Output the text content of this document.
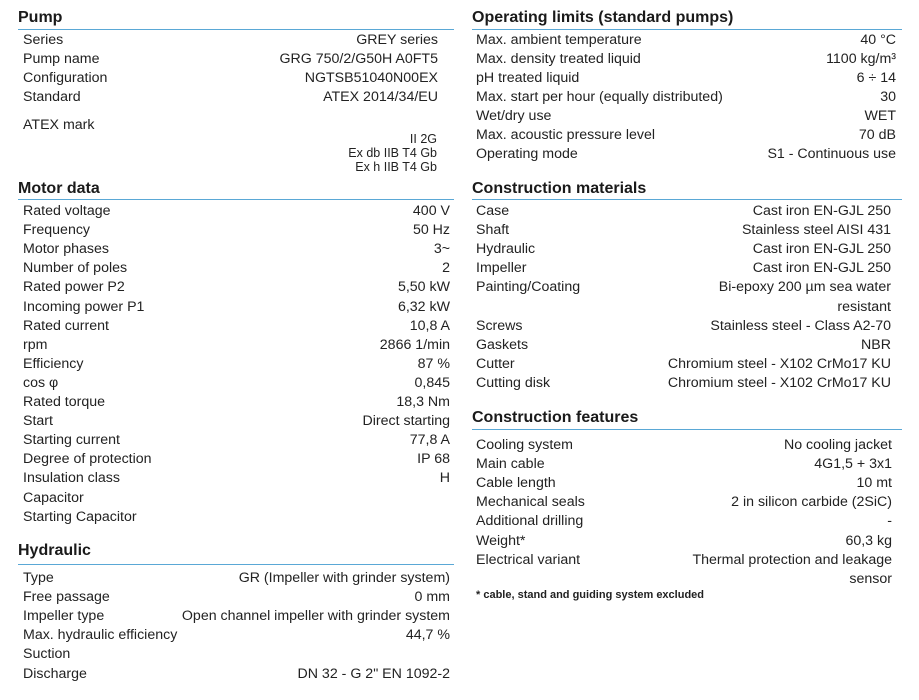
Pump
Series	GREY series
Pump name	GRG 750/2/G50H A0FT5
Configuration	NGTSB51040N00EX
Standard	ATEX 2014/34/EU
ATEX mark
II 2G
Ex db IIB T4 Gb
Ex h IIB T4 Gb
Motor data
Rated voltage	400 V
Frequency	50 Hz
Motor phases	3~
Number of poles	2
Rated power P2	5,50 kW
Incoming power P1	6,32 kW
Rated current	10,8 A
rpm	2866 1/min
Efficiency	87 %
cos φ	0,845
Rated torque	18,3 Nm
Start	Direct starting
Starting current	77,8 A
Degree of protection	IP 68
Insulation class	H
Capacitor
Starting Capacitor
Hydraulic
Type	GR (Impeller with grinder system)
Free passage	0 mm
Impeller type	Open channel impeller with grinder system
Max. hydraulic efficiency	44,7 %
Suction
Discharge	DN 32 - G 2" EN 1092-2
Operating limits (standard pumps)
Max. ambient temperature	40 °C
Max. density treated liquid	1100 kg/m³
pH treated liquid	6 ÷ 14
Max. start per hour (equally distributed)	30
Wet/dry use	WET
Max. acoustic pressure level	70 dB
Operating mode	S1 - Continuous use
Construction materials
Case	Cast iron EN-GJL 250
Shaft	Stainless steel AISI 431
Hydraulic	Cast iron EN-GJL 250
Impeller	Cast iron EN-GJL 250
Painting/Coating	Bi-epoxy 200 µm sea water
resistant
Screws	Stainless steel - Class A2-70
Gaskets	NBR
Cutter	Chromium steel - X102 CrMo17 KU
Cutting disk	Chromium steel - X102 CrMo17 KU
Construction features
Cooling system	No cooling jacket
Main cable	4G1,5 + 3x1
Cable length	10 mt
Mechanical seals	2 in silicon carbide (2SiC)
Additional drilling	-
Weight*	60,3 kg
Electrical variant	Thermal protection and leakage
sensor
* cable, stand and guiding system excluded
